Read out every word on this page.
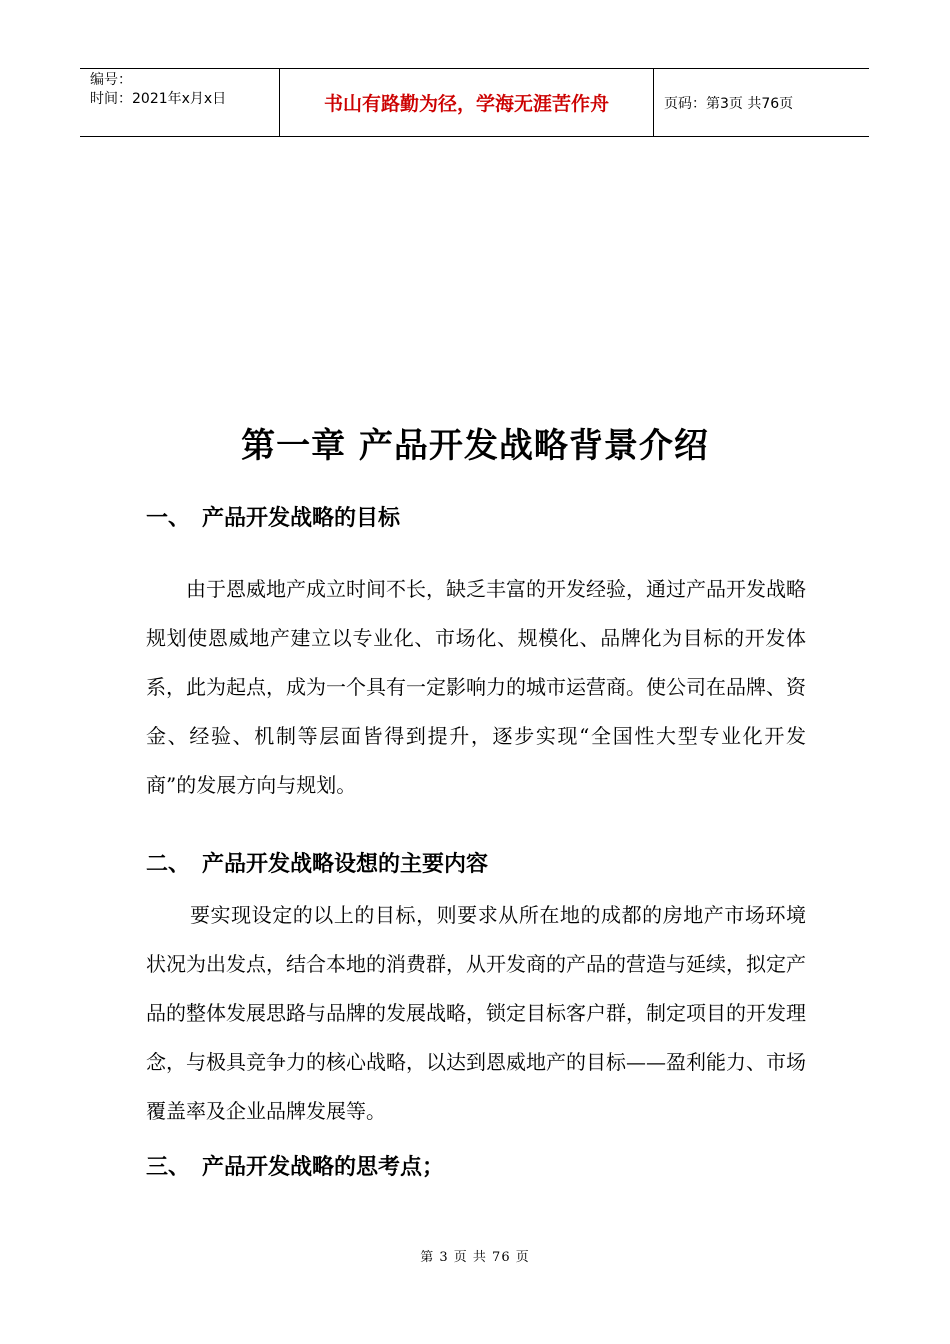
编号：
时间：2021年x月x日	书山有路勤为径，学海无涯苦作舟	页码：第3页 共76页
第一章 产品开发战略背景介绍
一、 产品开发战略的目标

由于恩威地产成立时间不长，缺乏丰富的开发经验，通过产品开发战略规划使恩威地产建立以专业化、市场化、规模化、品牌化为目标的开发体系，此为起点，成为一个具有一定影响力的城市运营商。使公司在品牌、资金、经验、机制等层面皆得到提升，逐步实现“全国性大型专业化开发商”的发展方向与规划。

二、 产品开发战略设想的主要内容

要实现设定的以上的目标，则要求从所在地的成都的房地产市场环境状况为出发点，结合本地的消费群，从开发商的产品的营造与延续，拟定产品的整体发展思路与品牌的发展战略，锁定目标客户群，制定项目的开发理念，与极具竞争力的核心战略，以达到恩威地产的目标——盈利能力、市场覆盖率及企业品牌发展等。

三、 产品开发战略的思考点；
第 3 页 共 76 页
